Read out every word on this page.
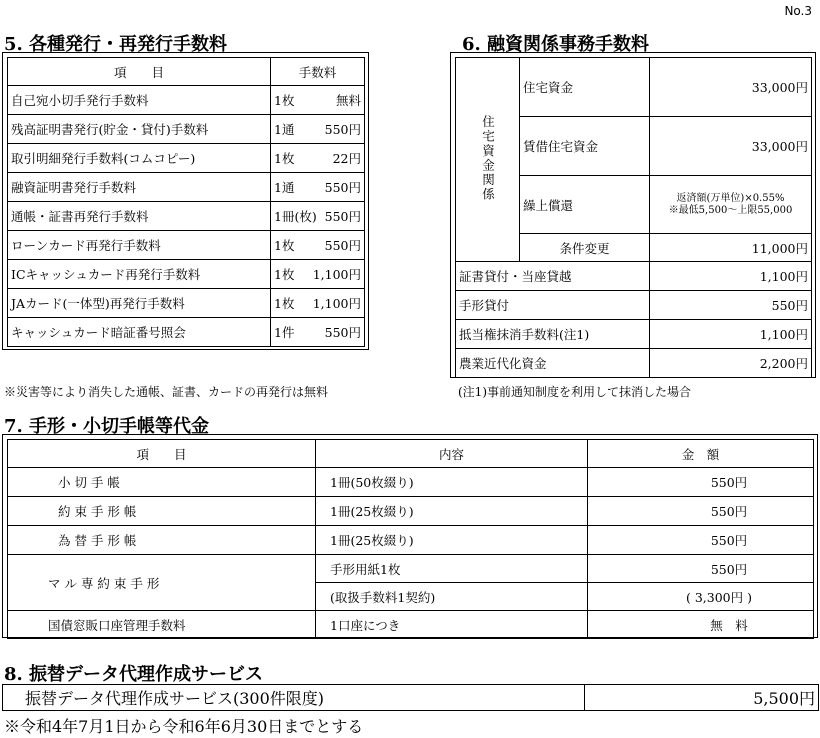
No.3
5. 各種発行・再発行手数料
項　　目	手数料
自己宛小切手発行手数料	1枚 無料

残高証明書発行(貯金・貸付)手数料	1通 550円

取引明細発行手数料(コムコピー)	1枚 22円

融資証明書発行手数料	1通 550円

通帳・証書再発行手数料	1冊(枚) 550円

ローンカード再発行手数料	1枚 550円

ICキャッシュカード再発行手数料	1枚 1,100円

JAカード(一体型)再発行手数料	1枚 1,100円

キャッシュカード暗証番号照会	1件 550円
※災害等により消失した通帳、証書、カードの再発行は無料
6. 融資関係事務手数料
住宅資金関係	住宅資金	33,000円
	賃借住宅資金	33,000円
	繰上償還	返済額(万単位)×0.55%
※最低5,500～上限55,000

	条件変更	11,000円
証書貸付・当座貸越		1,100円
手形貸付		550円
抵当権抹消手数料(注1)		1,100円
農業近代化資金		2,200円
(注1)事前通知制度を利用して抹消した場合
7. 手形・小切手帳等代金
項　　目	内容	金　額
小 切 手 帳	1冊(50枚綴り)	550円
約 束 手 形 帳	1冊(25枚綴り)	550円
為 替 手 形 帳	1冊(25枚綴り)	550円
マ ル 専 約 束 手 形	手形用紙1枚	550円
	(取扱手数料1契約)	( 3,300円 )
国債窓販口座管理手数料	1口座につき	無　料
8. 振替データ代理作成サービス
振替データ代理作成サービス(300件限度)	5,500円
※令和4年7月1日から令和6年6月30日までとする
